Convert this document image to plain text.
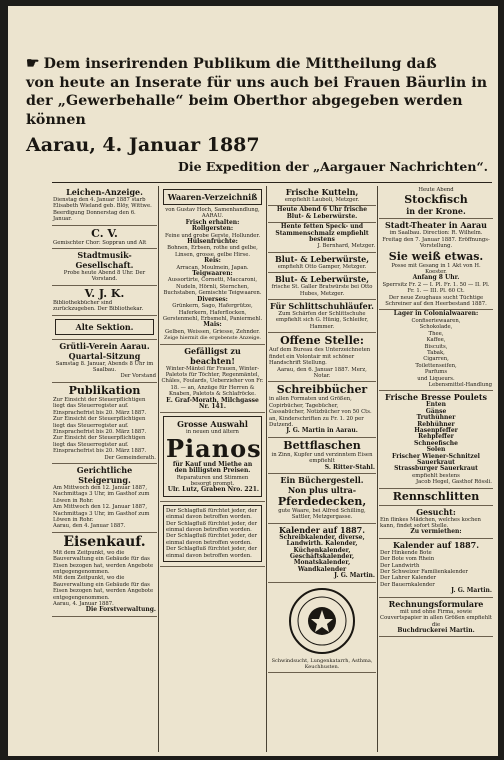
☛ Dem inserirenden Publikum die Mittheilung daß
von heute an Inserate für uns auch bei Frauen Bäurlin in
der „Gewerbehalle“ beim Oberthor abgegeben werden
können
Aarau, 4. Januar 1887
Die Expedition der „Aargauer Nachrichten“.
Leichen-Anzeige.
Dienstag den 4. Januar 1887 starb Elisabeth Wieland geb. Blöy, Wittwe. Beerdigung Donnerstag den 6. Januar.
C. V.
Gemischter Chor: Soppran und Alt
Stadtmusik-Gesellschaft.
Probe heute Abend 8 Uhr. Der Vorstand.
V. J. K.
Bibliothekbücher sind zurückzugeben. Der Bibliothekar.
Alte Sektion.
Grütli-Verein Aarau.
Quartal-Sitzung
Samstag 8. Januar, Abends 8 Uhr im Saalbau.
Der Vorstand
Publikation
Zur Einsicht der Steuerpflichtigen liegt das Steuerregister auf. Einsprachefrist bis 20. März 1887.
Zur Einsicht der Steuerpflichtigen liegt das Steuerregister auf. Einsprachefrist bis 20. März 1887.
Zur Einsicht der Steuerpflichtigen liegt das Steuerregister auf. Einsprachefrist bis 20. März 1887.
Der Gemeinderath.
Gerichtliche Steigerung.
Am Mittwoch den 12. Januar 1887, Nachmittags 3 Uhr, im Gasthof zum Löwen in Rohr.
Am Mittwoch den 12. Januar 1887, Nachmittags 3 Uhr, im Gasthof zum Löwen in Rohr.
Aarau, den 4. Januar 1887.
Eisenkauf.
Mit dem Zeitpunkt, wo die Bauverwaltung ein Gebäude für das Eisen bezogen hat, werden Angebote entgegengenommen.
Mit dem Zeitpunkt, wo die Bauverwaltung ein Gebäude für das Eisen bezogen hat, werden Angebote entgegengenommen.
Aarau, 4. Januar 1887.
Die Forstverwaltung.
Waaren-Verzeichniß
von Gustav Hoch, Samenhandlung, AARAU.
Frisch erhalten:
Rollgersten:
Feine und grobe Gerste, Hollunder.
Hülsenfrüchte:
Bohnen, Erbsen, rothe und gelbe, Linsen, grosse, gelbe Hirse.
Reis:
Arracan, Moulmein, Japan.
Teigwaaren:
Aussortirte, Cornetti, Maccaroni, Nudeln, Hörnli, Sternchen, Buchstaben, Gemischte Teigwaaren.
Diverses:
Grünkern, Sago, Hafergrütze, Haferkern, Haferflocken, Gerstenmehl, Erbsmehl, Paniermehl.
Mais:
Gelben, Weissen, Griesse, Zehnder.
Zeige hiermit die ergebenste Anzeige.
Gefälligst zu beachten!
Winter-Mäntel für Frauen, Winter-Paletots für Töchter, Regenmäntel, Châles, Foulards, Ueberzieher von Fr. 18. — an, Anzüge für Herren & Knaben, Paletots & Schlafröcke.
E. Graf-Morath, Milchgasse Nr. 141.
Grosse Auswahl
in neuen und ältern
Pianos
für Kauf und Miethe an den billigsten Preisen.
Reparaturen und Stimmen besorgt prompt.
Ulr. Lutz, Graben Nro. 221.
Der Schlagfluß fürchtet jeder, der einmal davon betroffen worden.
Der Schlagfluß fürchtet jeder, der einmal davon betroffen worden.
Der Schlagfluß fürchtet jeder, der einmal davon betroffen worden.
Der Schlagfluß fürchtet jeder, der einmal davon betroffen worden.
Frische Kutteln,
empfiehlt Lauboli, Metzger.
Heute Abend 6 Uhr frische Blut- & Leberwürste.
Hente fetten Speck- und Stammenschmalz empfiehlt bestens
J. Bernhard, Metzger.
Blut- & Leberwürste,
empfiehlt Otto Gamper, Metzger.
Blut- & Leberwürste,
frische St. Galler Bratwürste bei Otto Hubes, Metzger.
Für Schlittschuhläufer.
Zum Schärfen der Schlittschuhe empfiehlt sich G. Hünig, Schleifer, Hammer.
Offene Stelle:
Auf dem Bureau des Unterzeichneten findet ein Volontair mit schöner Handschrift Stellung.
Aarau, den 6. Januar 1887. Merz, Notar.
Schreibbücher
in allen Formaten und Größen, Copirbücher, Tagebücher, Cassabücher, Notizbücher von 50 Cts. an, Kinderschriften zu Fr. 1. 20 per Dutzend.
J. G. Martin in Aarau.
Bettflaschen
in Zinn, Kupfer und verzinntem Eisen empfiehlt
S. Ritter-Stahl.
Ein Büchergestell.
Non plus ultra-
Pferdedecken,
gute Waare, bei Alfred Schilling, Sattler, Metzgergasse.
Kalender auf 1887.
Schreibkalender, diverse, Landwirth. Kalender, Küchenkalender, Geschäftskalender, Monatskalender, Wandkalender
J. G. Martin.
Schwindsucht, Lungenkatarrh, Asthma, Keuchhusten.
Heute Abend
Stockfisch
in der Krone.
Stadt-Theater in Aarau
im Saalbau. Direction: R. Wilhelm. Freitag den 7. Januar 1887. Eröffnungs-Vorstellung.
Sie weiß etwas.
Posse mit Gesang in 1 Akt von H. Koester.
Anfang 8 Uhr.
Sperrsitz Fr. 2 — I. Pl. Fr. 1. 50 — II. Pl. Fr. 1. — III. Pl. 60 Ct.
Der neue Zeughaus sucht Tüchtige Schreiner auf den Heerbestand 1887.
Lager in Colonialwaaren:
Confiseriewaaren,
Schokolade,
Thee,
Kaffee,
Biscuits,
Tabak,
Cigarren,
Toilettenseifen,
Parfums
und Liqueurs.
Lebensmittel-Handlung
Frische Bresse Poulets
Enten
Gänse
Truthühner
Rebhühner
Hasenpfeffer
Rehpfeffer
Schneefische
Solen
Frischer Wiener-Schnitzel
Sauerkraut
Strassburger Sauerkraut
empfiehlt bestens
Jacob Hegel, Gasthof Rössli.
Rennschlitten
Gesucht:
Ein flinkes Mädchen, welches kochen kann, findet sofort Stelle.
Zu vermiethen:
Kalender auf 1887.
Der Hinkende Bote
Der Bote vom Rhein
Der Landwirth
Der Schweizer Familienkalender
Der Lahrer Kalender
Der Bauernkalender
J. G. Martin.
Rechnungsformulare
mit und ohne Firma, sowie Couvertspapier in allen Größen empfiehlt die
Buchdruckerei Martin.
